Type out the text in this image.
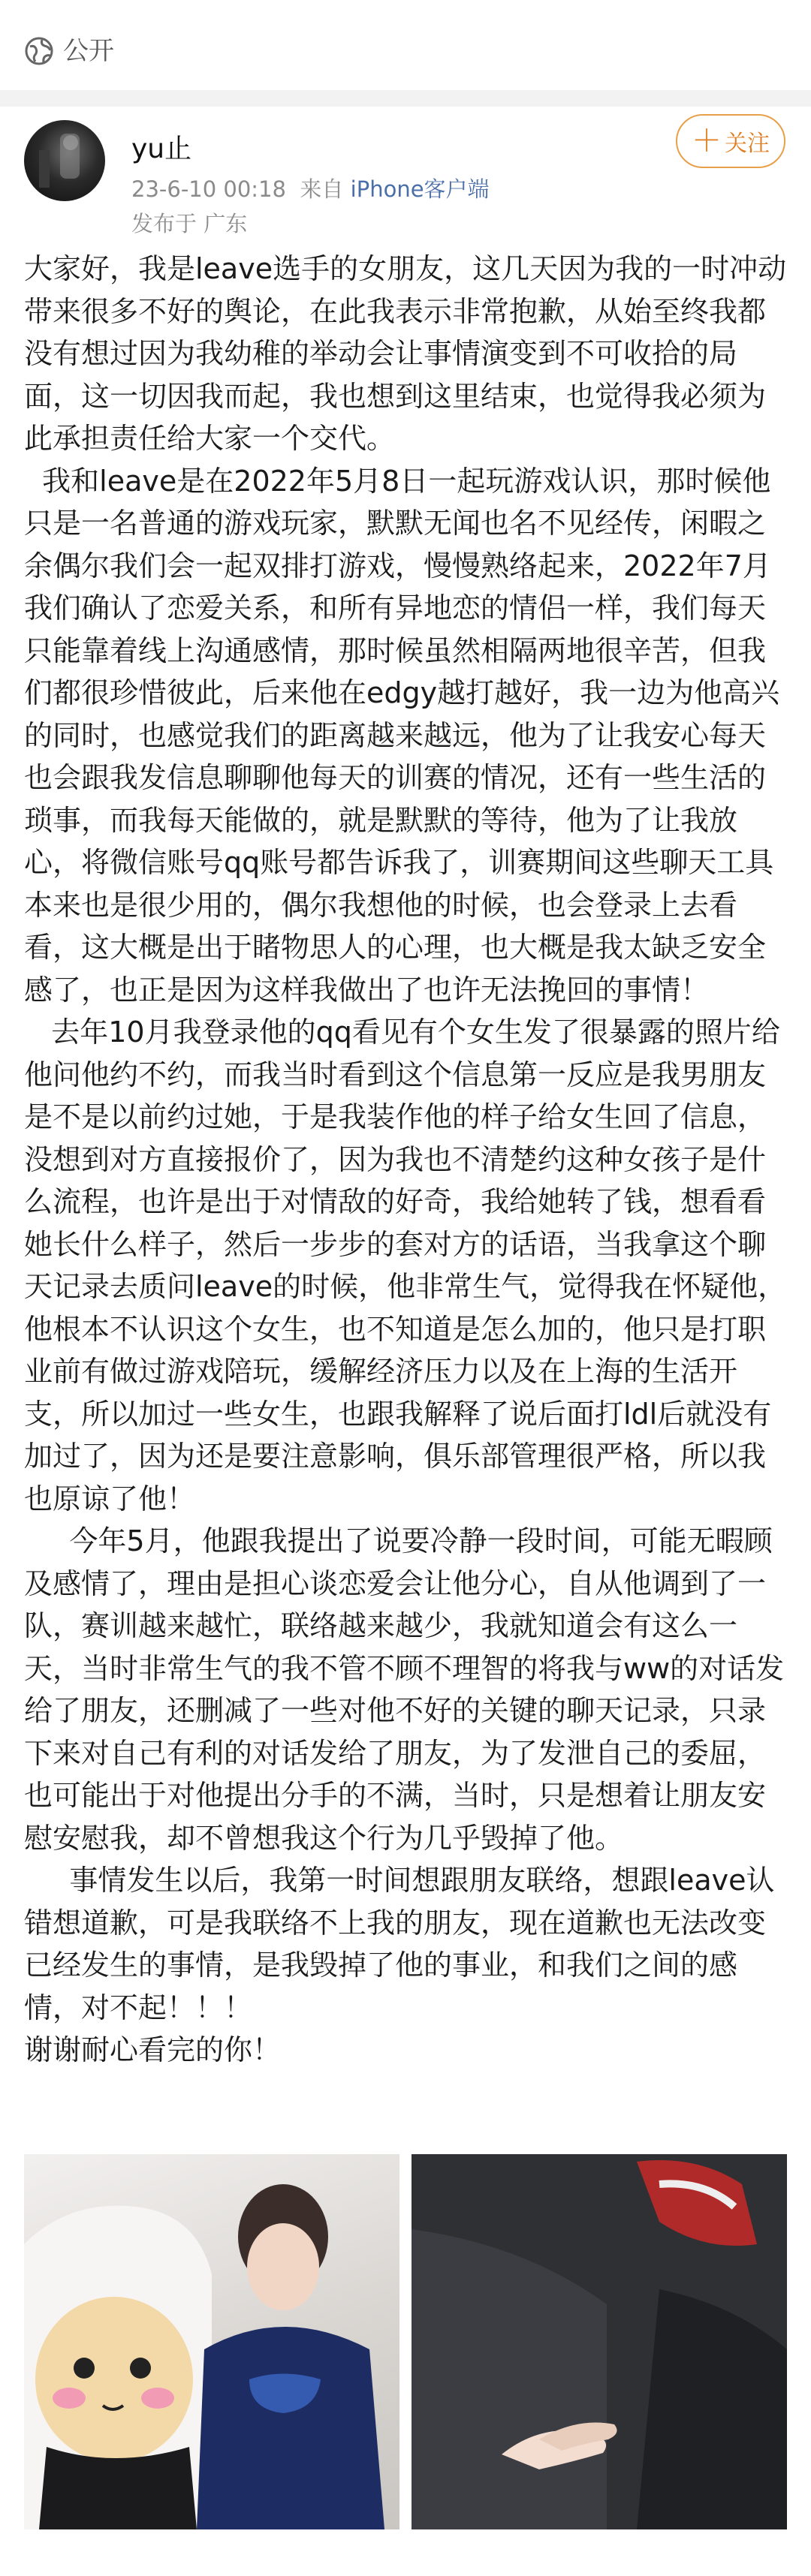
公开
yu止
23-6-10 00:18 来自 iPhone客户端
发布于 广东
＋ 关注

大家好，我是leave选手的女朋友，这几天因为我的一时冲动带来很多不好的舆论，在此我表示非常抱歉，从始至终我都没有想过因为我幼稚的举动会让事情演变到不可收拾的局面，这一切因我而起，我也想到这里结束，也觉得我必须为此承担责任给大家一个交代。

我和leave是在2022年5月8日一起玩游戏认识，那时候他只是一名普通的游戏玩家，默默无闻也名不见经传，闲暇之余偶尔我们会一起双排打游戏，慢慢熟络起来，2022年7月我们确认了恋爱关系，和所有异地恋的情侣一样，我们每天只能靠着线上沟通感情，那时候虽然相隔两地很辛苦，但我们都很珍惜彼此，后来他在edgy越打越好，我一边为他高兴的同时，也感觉我们的距离越来越远，他为了让我安心每天也会跟我发信息聊聊他每天的训赛的情况，还有一些生活的琐事，而我每天能做的，就是默默的等待，他为了让我放心，将微信账号qq账号都告诉我了，训赛期间这些聊天工具本来也是很少用的，偶尔我想他的时候，也会登录上去看看，这大概是出于睹物思人的心理，也大概是我太缺乏安全感了，也正是因为这样我做出了也许无法挽回的事情！

去年10月我登录他的qq看见有个女生发了很暴露的照片给他问他约不约，而我当时看到这个信息第一反应是我男朋友是不是以前约过她，于是我装作他的样子给女生回了信息，没想到对方直接报价了，因为我也不清楚约这种女孩子是什么流程，也许是出于对情敌的好奇，我给她转了钱，想看看她长什么样子，然后一步步的套对方的话语，当我拿这个聊天记录去质问leave的时候，他非常生气，觉得我在怀疑他，他根本不认识这个女生，也不知道是怎么加的，他只是打职业前有做过游戏陪玩，缓解经济压力以及在上海的生活开支，所以加过一些女生，也跟我解释了说后面打ldl后就没有加过了，因为还是要注意影响，俱乐部管理很严格，所以我也原谅了他！

今年5月，他跟我提出了说要冷静一段时间，可能无暇顾及感情了，理由是担心谈恋爱会让他分心，自从他调到了一队，赛训越来越忙，联络越来越少，我就知道会有这么一天，当时非常生气的我不管不顾不理智的将我与ww的对话发给了朋友，还删减了一些对他不好的关键的聊天记录，只录下来对自己有利的对话发给了朋友，为了发泄自己的委屈，也可能出于对他提出分手的不满，当时，只是想着让朋友安慰安慰我，却不曾想我这个行为几乎毁掉了他。

事情发生以后，我第一时间想跟朋友联络，想跟leave认错想道歉，可是我联络不上我的朋友，现在道歉也无法改变已经发生的事情，是我毁掉了他的事业，和我们之间的感情，对不起！！！

谢谢耐心看完的你！
